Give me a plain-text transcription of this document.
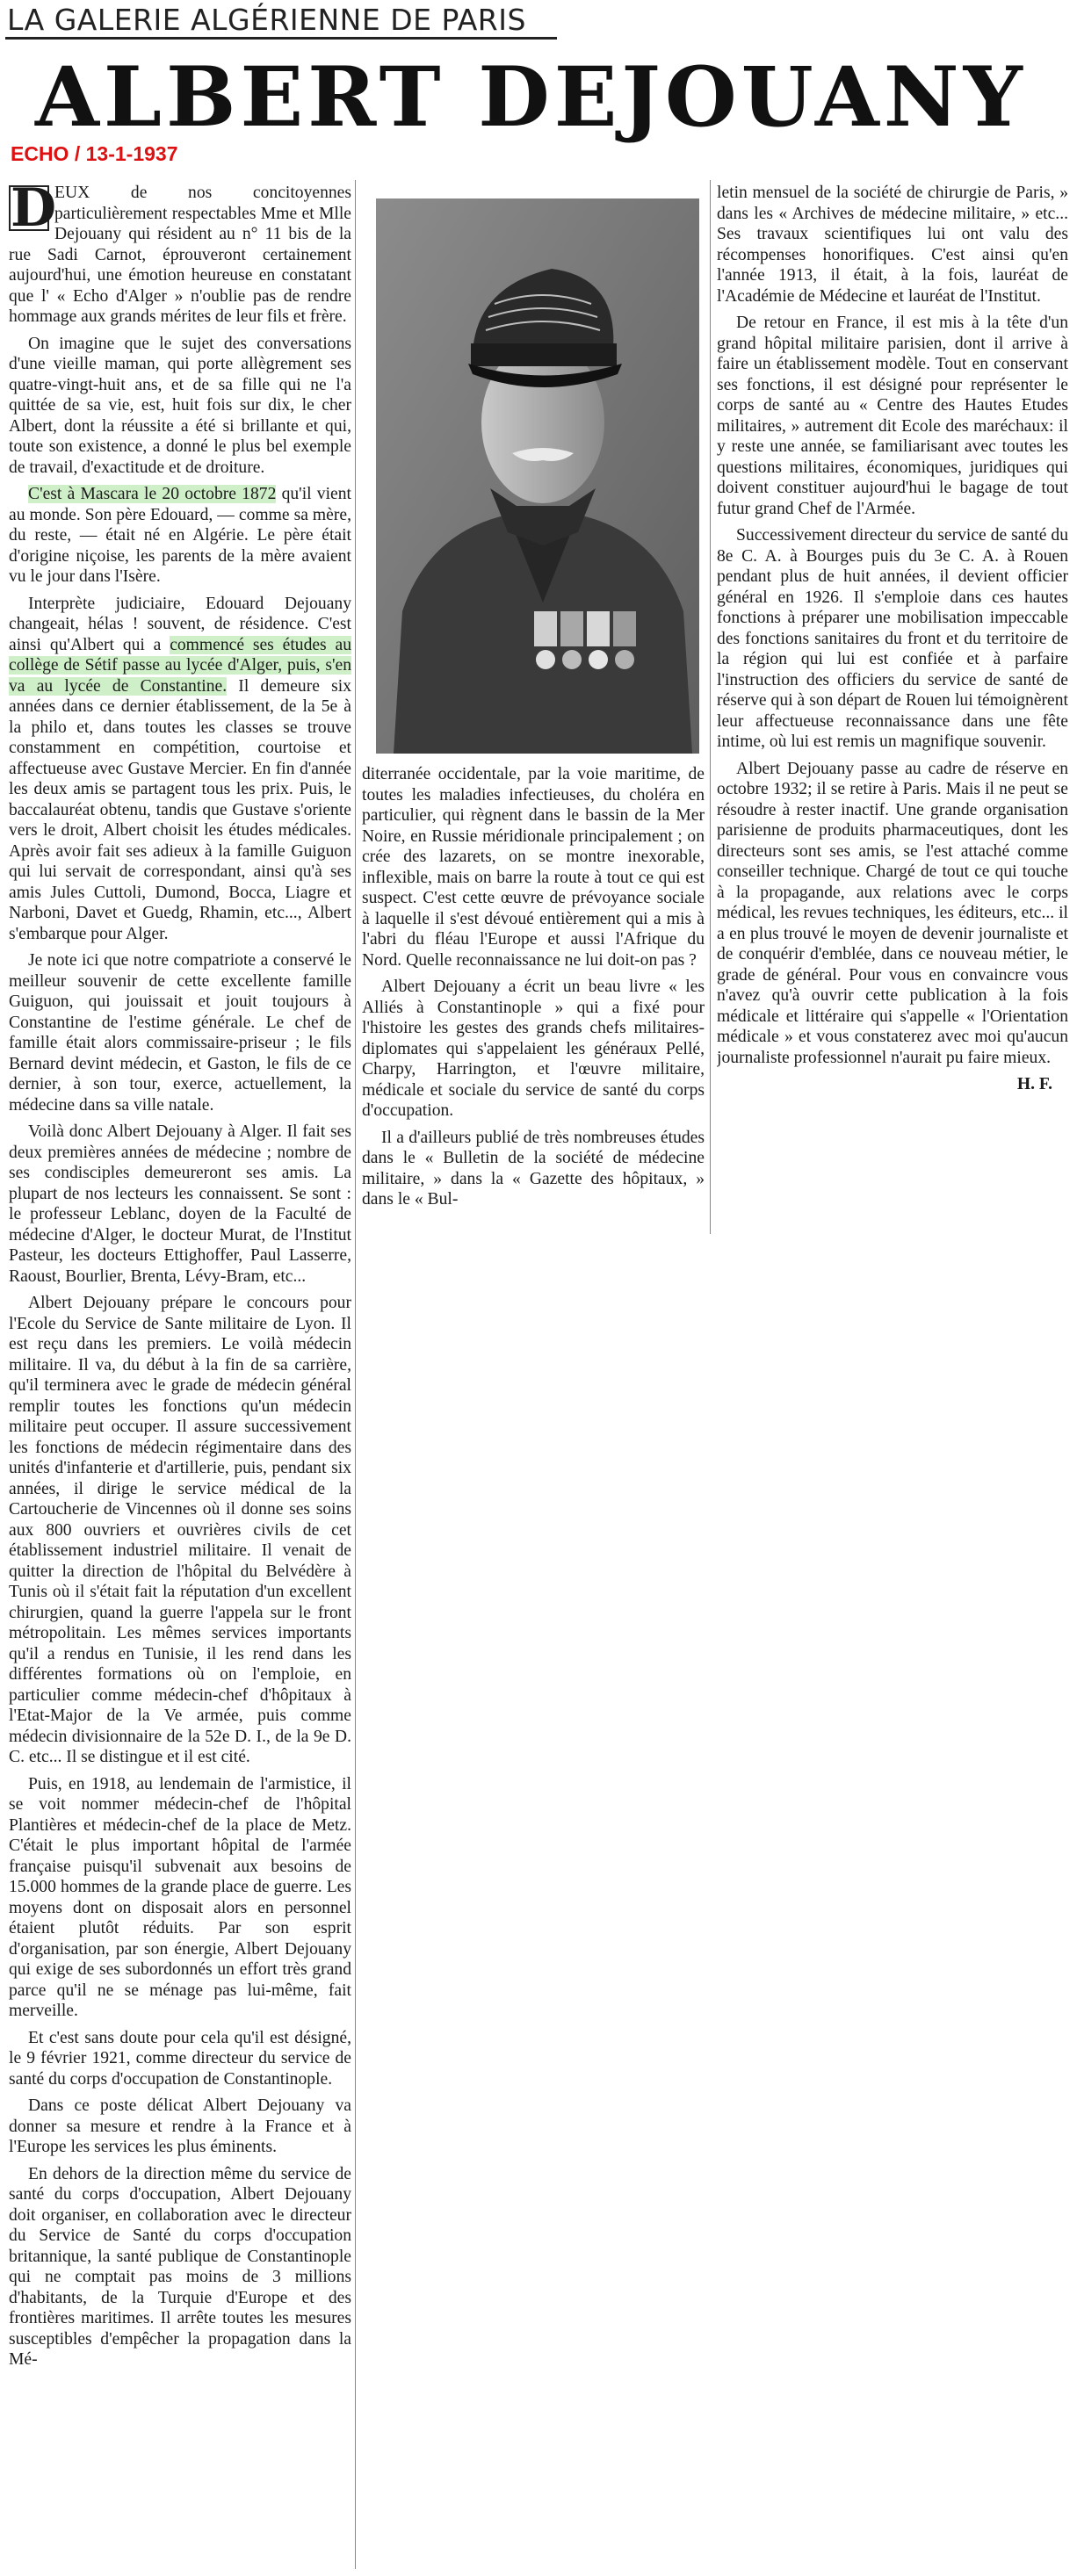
LA GALERIE ALGÉRIENNE DE PARIS
ALBERT DEJOUANY
ECHO / 13-1-1937

D
EUX de nos concitoyennes particulièrement respectables Mme et Mlle Dejouany qui résident au n° 11 bis de la rue Sadi Carnot, éprouveront certainement aujourd'hui, une émotion heureuse en constatant que l' « Echo d'Alger » n'oublie pas de rendre hommage aux grands mérites de leur fils et frère.

On imagine que le sujet des conversations d'une vieille maman, qui porte allègrement ses quatre-vingt-huit ans, et de sa fille qui ne l'a quittée de sa vie, est, huit fois sur dix, le cher Albert, dont la réussite a été si brillante et qui, toute son existence, a donné le plus bel exemple de travail, d'exactitude et de droiture.

C'est à Mascara le 20 octobre 1872 qu'il vient au monde. Son père Edouard, — comme sa mère, du reste, — était né en Algérie. Le père était d'origine niçoise, les parents de la mère avaient vu le jour dans l'Isère.

Interprète judiciaire, Edouard Dejouany changeait, hélas ! souvent, de résidence. C'est ainsi qu'Albert qui a commencé ses études au collège de Sétif passe au lycée d'Alger, puis, s'en va au lycée de Constantine. Il demeure six années dans ce dernier établissement, de la 5e à la philo et, dans toutes les classes se trouve constamment en compétition, courtoise et affectueuse avec Gustave Mercier. En fin d'année les deux amis se partagent tous les prix. Puis, le baccalauréat obtenu, tandis que Gustave s'oriente vers le droit, Albert choisit les études médicales. Après avoir fait ses adieux à la famille Guiguon qui lui servait de correspondant, ainsi qu'à ses amis Jules Cuttoli, Dumond, Bocca, Liagre et Narboni, Davet et Guedg, Rhamin, etc..., Albert s'embarque pour Alger.

Je note ici que notre compatriote a conservé le meilleur souvenir de cette excellente famille Guiguon, qui jouissait et jouit toujours à Constantine de l'estime générale. Le chef de famille était alors commissaire-priseur ; le fils Bernard devint médecin, et Gaston, le fils de ce dernier, à son tour, exerce, actuellement, la médecine dans sa ville natale.

Voilà donc Albert Dejouany à Alger. Il fait ses deux premières années de médecine ; nombre de ses condisciples demeureront ses amis. La plupart de nos lecteurs les connaissent. Se sont : le professeur Leblanc, doyen de la Faculté de médecine d'Alger, le docteur Murat, de l'Institut Pasteur, les docteurs Ettighoffer, Paul Lasserre, Raoust, Bourlier, Brenta, Lévy-Bram, etc...

Albert Dejouany prépare le concours pour l'Ecole du Service de Sante militaire de Lyon. Il est reçu dans les premiers. Le voilà médecin militaire. Il va, du début à la fin de sa carrière, qu'il terminera avec le grade de médecin général remplir toutes les fonctions qu'un médecin militaire peut occuper. Il assure successivement les fonctions de médecin régimentaire dans des unités d'infanterie et d'artillerie, puis, pendant six années, il dirige le service médical de la Cartoucherie de Vincennes où il donne ses soins aux 800 ouvriers et ouvrières civils de cet établissement industriel militaire. Il venait de quitter la direction de l'hôpital du Belvédère à Tunis où il s'était fait la réputation d'un excellent chirurgien, quand la guerre l'appela sur le front métropolitain. Les mêmes services importants qu'il a rendus en Tunisie, il les rend dans les différentes formations où on l'emploie, en particulier comme médecin-chef d'hôpitaux à l'Etat-Major de la Ve armée, puis comme médecin divisionnaire de la 52e D. I., de la 9e D. C. etc... Il se distingue et il est cité.

Puis, en 1918, au lendemain de l'armistice, il se voit nommer médecin-chef de l'hôpital Plantières et médecin-chef de la place de Metz. C'était le plus important hôpital de l'armée française puisqu'il subvenait aux besoins de 15.000 hommes de la grande place de guerre. Les moyens dont on disposait alors en personnel étaient plutôt réduits. Par son esprit d'organisation, par son énergie, Albert Dejouany qui exige de ses subordonnés un effort très grand parce qu'il ne se ménage pas lui-même, fait merveille.

Et c'est sans doute pour cela qu'il est désigné, le 9 février 1921, comme directeur du service de santé du corps d'occupation de Constantinople.

Dans ce poste délicat Albert Dejouany va donner sa mesure et rendre à la France et à l'Europe les services les plus éminents.

En dehors de la direction même du service de santé du corps d'occupation, Albert Dejouany doit organiser, en collaboration avec le directeur du Service de Santé du corps d'occupation britannique, la santé publique de Constantinople qui ne comptait pas moins de 3 millions d'habitants, de la Turquie d'Europe et des frontières maritimes. Il arrête toutes les mesures susceptibles d'empêcher la propagation dans la Mé-

diterranée occidentale, par la voie maritime, de toutes les maladies infectieuses, du choléra en particulier, qui règnent dans le bassin de la Mer Noire, en Russie méridionale principalement ; on crée des lazarets, on se montre inexorable, inflexible, mais on barre la route à tout ce qui est suspect. C'est cette œuvre de prévoyance sociale à laquelle il s'est dévoué entièrement qui a mis à l'abri du fléau l'Europe et aussi l'Afrique du Nord. Quelle reconnaissance ne lui doit-on pas ?

Albert Dejouany a écrit un beau livre « les Alliés à Constantinople » qui a fixé pour l'histoire les gestes des grands chefs militaires-diplomates qui s'appelaient les généraux Pellé, Charpy, Harrington, et l'œuvre militaire, médicale et sociale du service de santé du corps d'occupation.

Il a d'ailleurs publié de très nombreuses études dans le « Bulletin de la société de médecine militaire, » dans la « Gazette des hôpitaux, » dans le « Bul-

letin mensuel de la société de chirurgie de Paris, » dans les « Archives de médecine militaire, » etc... Ses travaux scientifiques lui ont valu des récompenses honorifiques. C'est ainsi qu'en l'année 1913, il était, à la fois, lauréat de l'Académie de Médecine et lauréat de l'Institut.

De retour en France, il est mis à la tête d'un grand hôpital militaire parisien, dont il arrive à faire un établissement modèle. Tout en conservant ses fonctions, il est désigné pour représenter le corps de santé au « Centre des Hautes Etudes militaires, » autrement dit Ecole des maréchaux: il y reste une année, se familiarisant avec toutes les questions militaires, économiques, juridiques qui doivent constituer aujourd'hui le bagage de tout futur grand Chef de l'Armée.

Successivement directeur du service de santé du 8e C. A. à Bourges puis du 3e C. A. à Rouen pendant plus de huit années, il devient officier général en 1926. Il s'emploie dans ces hautes fonctions à préparer une mobilisation impeccable des fonctions sanitaires du front et du territoire de la région qui lui est confiée et à parfaire l'instruction des officiers du service de santé de réserve qui à son départ de Rouen lui témoignèrent leur affectueuse reconnaissance dans une fête intime, où lui est remis un magnifique souvenir.

Albert Dejouany passe au cadre de réserve en octobre 1932; il se retire à Paris. Mais il ne peut se résoudre à rester inactif. Une grande organisation parisienne de produits pharmaceutiques, dont les directeurs sont ses amis, se l'est attaché comme conseiller technique. Chargé de tout ce qui touche à la propagande, aux relations avec le corps médical, les revues techniques, les éditeurs, etc... il a en plus trouvé le moyen de devenir journaliste et de conquérir d'emblée, dans ce nouveau métier, le grade de général. Pour vous en convaincre vous n'avez qu'à ouvrir cette publication à la fois médicale et littéraire qui s'appelle « l'Orientation médicale » et vous constaterez avec moi qu'aucun journaliste professionnel n'aurait pu faire mieux.

H. F.
